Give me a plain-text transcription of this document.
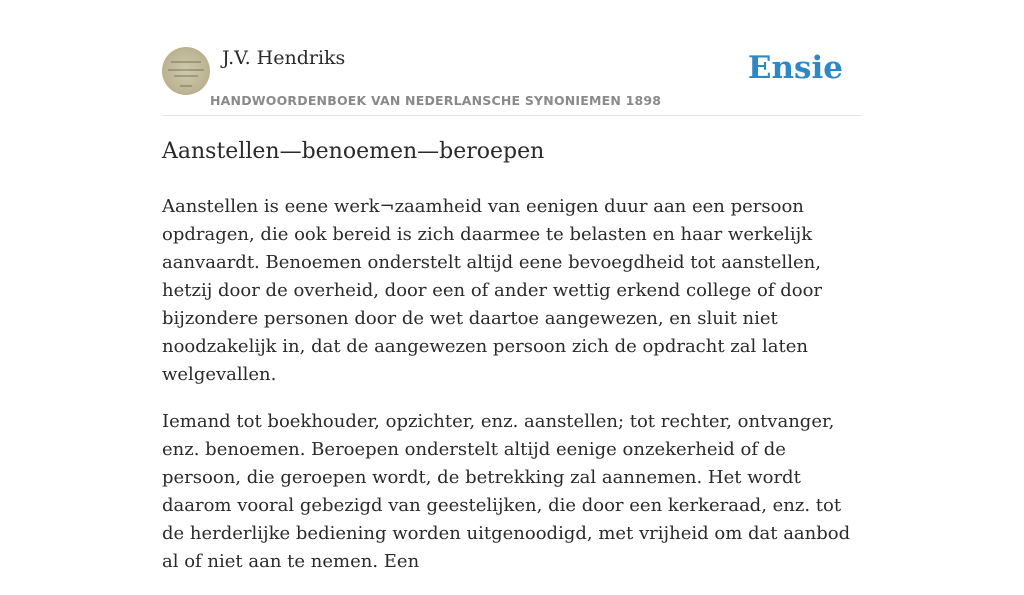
J.V. Hendriks
HANDWOORDENBOEK VAN NEDERLANSCHE SYNONIEMEN 1898
Ensie
Aanstellen—benoemen—beroepen

Aanstellen is eene werk¬zaamheid van eenigen duur aan een persoon opdragen, die ook bereid is zich daarmee te belasten en haar werkelijk aanvaardt. Benoemen onderstelt altijd eene bevoegdheid tot aanstellen, hetzij door de overheid, door een of ander wettig erkend college of door bijzondere personen door de wet daartoe aangewezen, en sluit niet noodzakelijk in, dat de aangewezen persoon zich de opdracht zal laten welgevallen.

Iemand tot boekhouder, opzichter, enz. aanstellen; tot rechter, ontvanger, enz. benoemen. Beroepen onderstelt altijd eenige onzekerheid of de persoon, die geroepen wordt, de betrekking zal aannemen. Het wordt daarom vooral gebezigd van geestelijken, die door een kerkeraad, enz. tot de herderlijke bediening worden uitgenoodigd, met vrijheid om dat aanbod al of niet aan te nemen. Een
